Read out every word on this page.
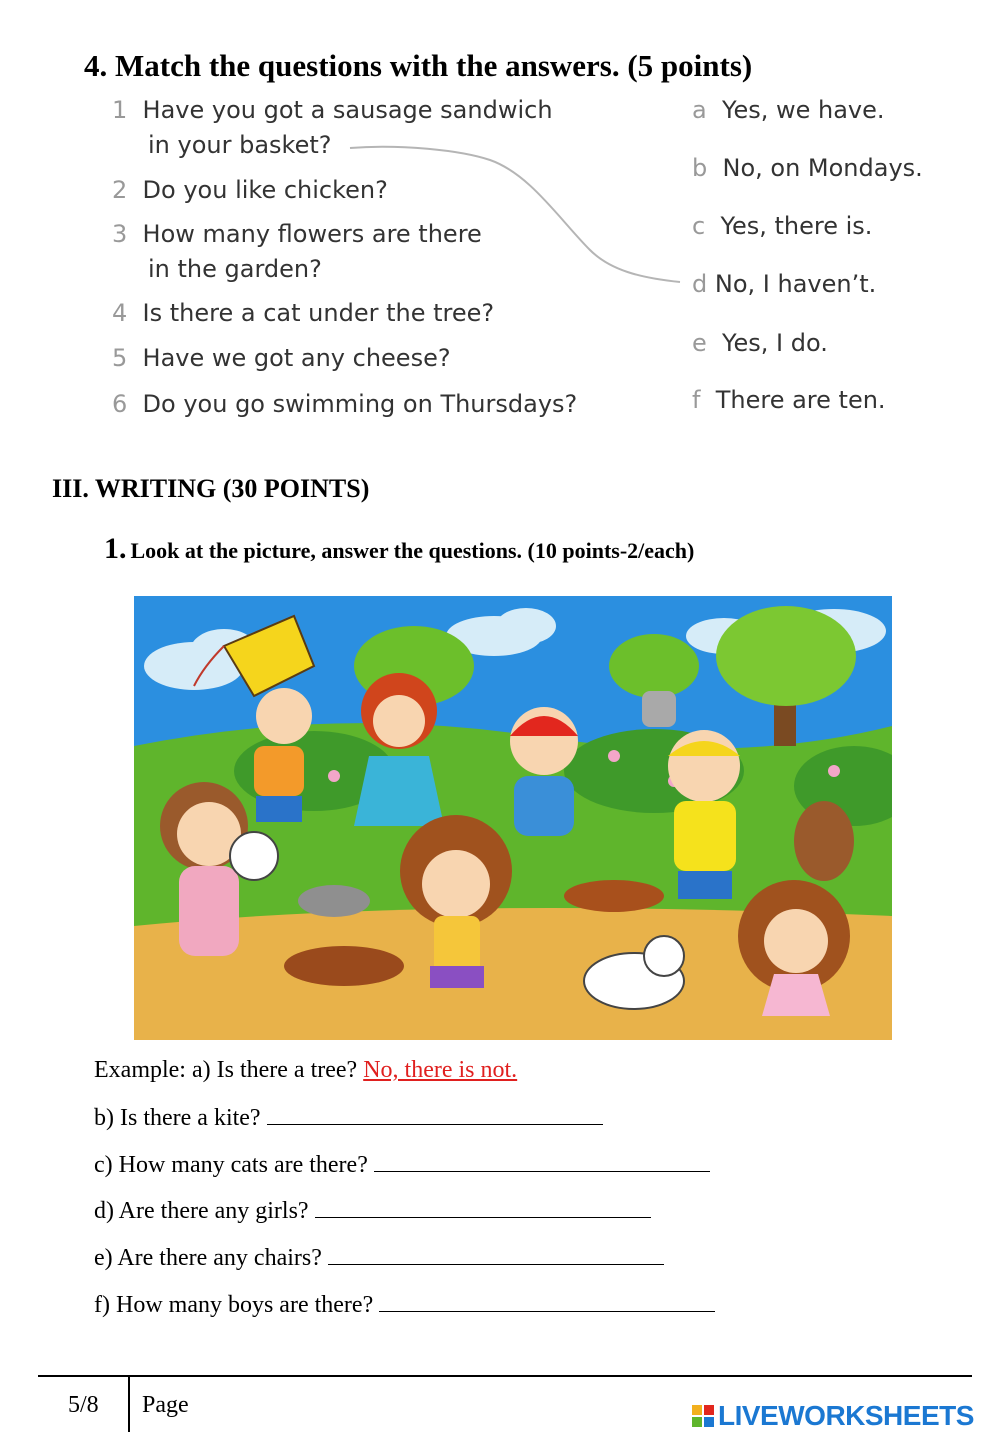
4. Match the questions with the answers. (5 points)
1 Have you got a sausage sandwich
in your basket?
2 Do you like chicken?
3 How many flowers are there
in the garden?
4 Is there a cat under the tree?
5 Have we got any cheese?
6 Do you go swimming on Thursdays?
a Yes, we have.
b No, on Mondays.
c Yes, there is.
d No, I haven’t.
e Yes, I do.
f There are ten.
III. WRITING (30 POINTS)
1. Look at the picture, answer the questions. (10 points-2/each)
Example: a) Is there a tree? No, there is not.
b) Is there a kite?
c) How many cats are there?
d) Are there any girls?
e) Are there any chairs?
f) How many boys are there?
5/8 Page	LIVEWORKSHEETS
